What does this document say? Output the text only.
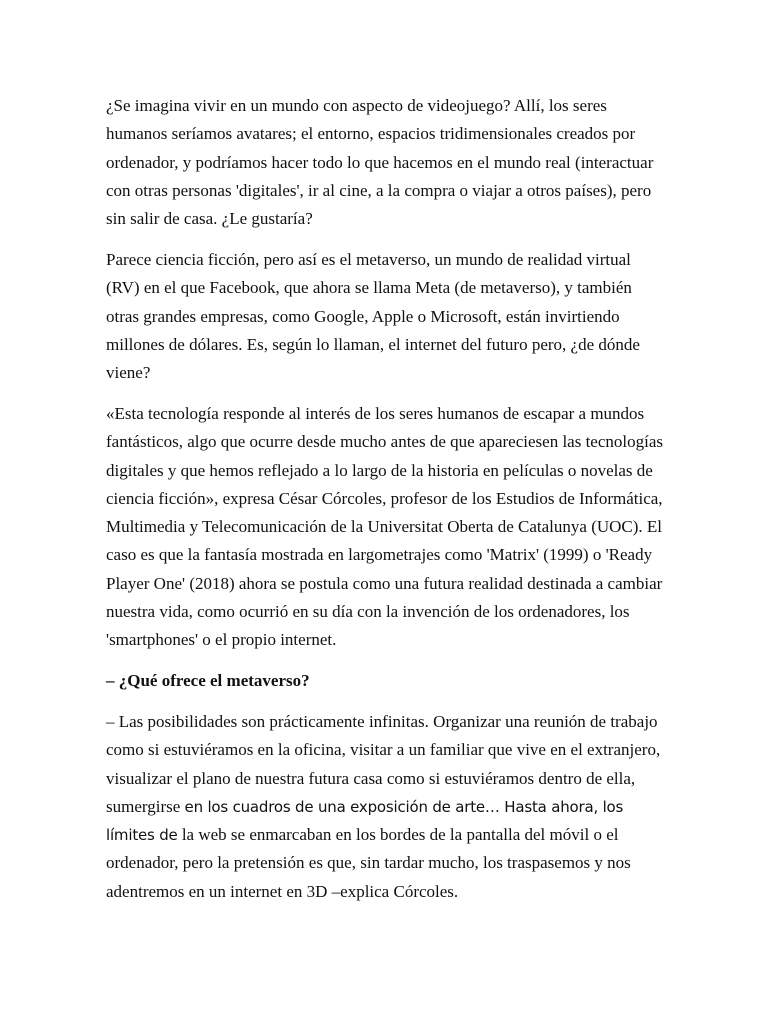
¿Se imagina vivir en un mundo con aspecto de videojuego? Allí, los seres humanos seríamos avatares; el entorno, espacios tridimensionales creados por ordenador, y podríamos hacer todo lo que hacemos en el mundo real (interactuar con otras personas 'digitales', ir al cine, a la compra o viajar a otros países), pero sin salir de casa. ¿Le gustaría?

Parece ciencia ficción, pero así es el metaverso, un mundo de realidad virtual (RV) en el que Facebook, que ahora se llama Meta (de metaverso), y también otras grandes empresas, como Google, Apple o Microsoft, están invirtiendo millones de dólares. Es, según lo llaman, el internet del futuro pero, ¿de dónde viene?

«Esta tecnología responde al interés de los seres humanos de escapar a mundos fantásticos, algo que ocurre desde mucho antes de que apareciesen las tecnologías digitales y que hemos reflejado a lo largo de la historia en películas o novelas de ciencia ficción», expresa César Córcoles, profesor de los Estudios de Informática, Multimedia y Telecomunicación de la Universitat Oberta de Catalunya (UOC). El caso es que la fantasía mostrada en largometrajes como 'Matrix' (1999) o 'Ready Player One' (2018) ahora se postula como una futura realidad destinada a cambiar nuestra vida, como ocurrió en su día con la invención de los ordenadores, los 'smartphones' o el propio internet.

– ¿Qué ofrece el metaverso?

– Las posibilidades son prácticamente infinitas. Organizar una reunión de trabajo como si estuviéramos en la oficina, visitar a un familiar que vive en el extranjero, visualizar el plano de nuestra futura casa como si estuviéramos dentro de ella, sumergirse en los cuadros de una exposición de arte… Hasta ahora, los límites de la web se enmarcaban en los bordes de la pantalla del móvil o el ordenador, pero la pretensión es que, sin tardar mucho, los traspasemos y nos adentremos en un internet en 3D –explica Córcoles.
